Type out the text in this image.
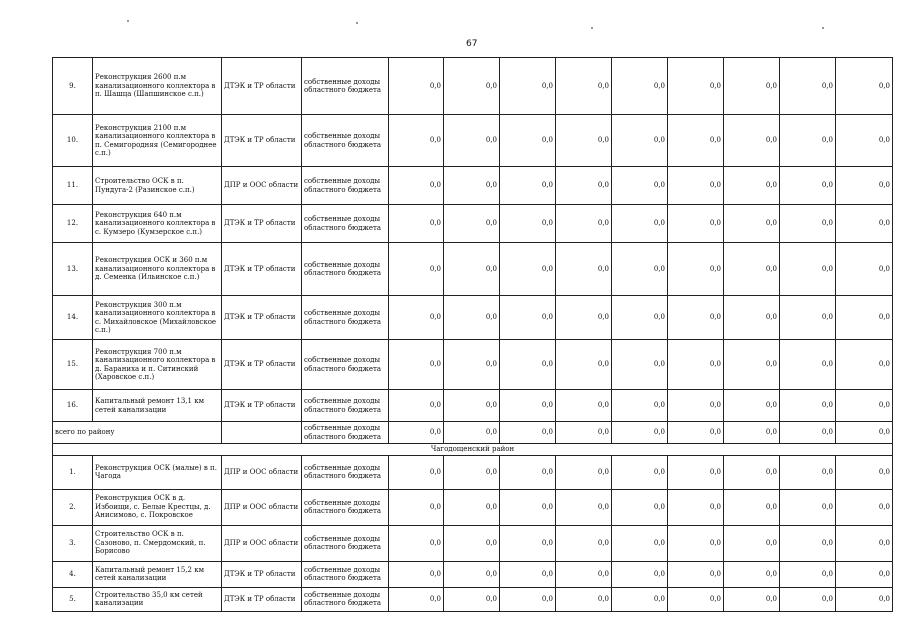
67
9.	Реконструкция 2600 п.м канализационного коллектора в п. Шашца (Шапшинское с.п.)	ДТЭК и ТР области	собственные доходы областного бюджета	0,0	0,0	0,0	0,0	0,0	0,0	0,0	0,0	0,0
10.	Реконструкция 2100 п.м канализационного коллектора в п. Семигородняя (Семигороднее с.п.)	ДТЭК и ТР области	собственные доходы областного бюджета	0,0	0,0	0,0	0,0	0,0	0,0	0,0	0,0	0,0
11.	Строительство ОСК в п. Пундуга-2 (Разинское с.п.)	ДПР и ООС области	собственные доходы областного бюджета	0,0	0,0	0,0	0,0	0,0	0,0	0,0	0,0	0,0
12.	Реконструкция 640 п.м канализационного коллектора в с. Кумзеро (Кумзерское с.п.)	ДТЭК и ТР области	собственные доходы областного бюджета	0,0	0,0	0,0	0,0	0,0	0,0	0,0	0,0	0,0
13.	Реконструкция ОСК и 360 п.м канализационного коллектора в д. Семенка (Ильинское с.п.)	ДТЭК и ТР области	собственные доходы областного бюджета	0,0	0,0	0,0	0,0	0,0	0,0	0,0	0,0	0,0
14.	Реконструкция 300 п.м канализационного коллектора в с. Михайловское (Михайловское с.п.)	ДТЭК и ТР области	собственные доходы областного бюджета	0,0	0,0	0,0	0,0	0,0	0,0	0,0	0,0	0,0
15.	Реконструкция 700 п.м канализационного коллектора в д. Бараниха и п. Ситинский (Харовское с.п.)	ДТЭК и ТР области	собственные доходы областного бюджета	0,0	0,0	0,0	0,0	0,0	0,0	0,0	0,0	0,0
16.	Капитальный ремонт 13,1 км сетей канализации	ДТЭК и ТР области	собственные доходы областного бюджета	0,0	0,0	0,0	0,0	0,0	0,0	0,0	0,0	0,0
всего по району			собственные доходы областного бюджета	0,0	0,0	0,0	0,0	0,0	0,0	0,0	0,0	0,0
Чагодощенский район												
1.	Реконструкция ОСК (малые) в п. Чагода	ДПР и ООС области	собственные доходы областного бюджета	0,0	0,0	0,0	0,0	0,0	0,0	0,0	0,0	0,0
2.	Реконструкция ОСК в д. Избоищи, с. Белые Крестцы, д. Анисимово, с. Покровское	ДПР и ООС области	собственные доходы областного бюджета	0,0	0,0	0,0	0,0	0,0	0,0	0,0	0,0	0,0
3.	Строительство ОСК в п. Сазоново, п. Смердомский, п. Борисово	ДПР и ООС области	собственные доходы областного бюджета	0,0	0,0	0,0	0,0	0,0	0,0	0,0	0,0	0,0
4.	Капитальный ремонт 15,2 км сетей канализации	ДТЭК и ТР области	собственные доходы областного бюджета	0,0	0,0	0,0	0,0	0,0	0,0	0,0	0,0	0,0
5.	Строительство 35,0 км сетей канализации	ДТЭК и ТР области	собственные доходы областного бюджета	0,0	0,0	0,0	0,0	0,0	0,0	0,0	0,0	0,0
